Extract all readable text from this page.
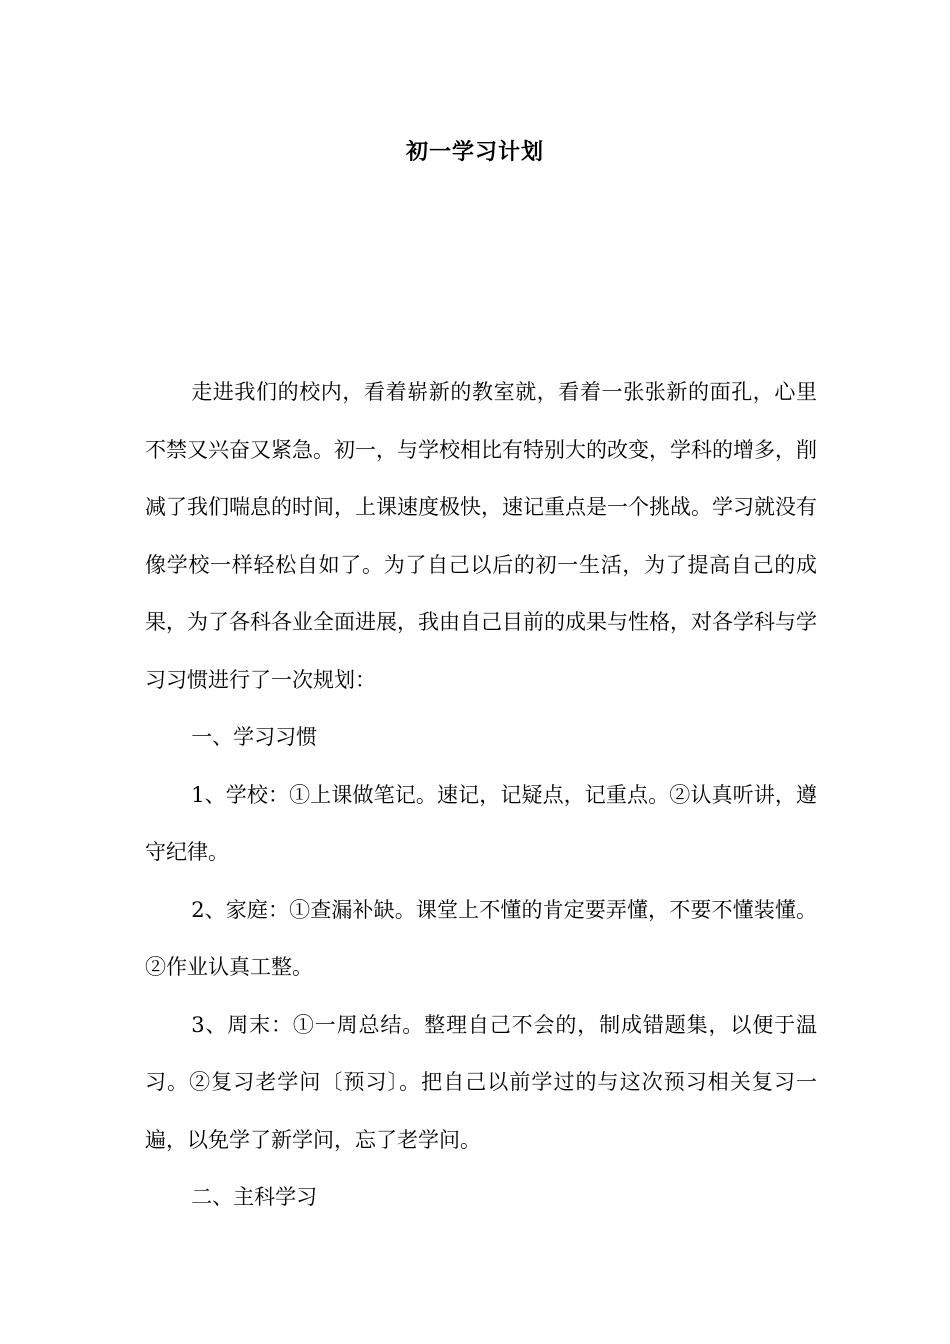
初一学习计划

走进我们的校内，看着崭新的教室就，看着一张张新的面孔，心里不禁又兴奋又紧急。初一，与学校相比有特别大的改变，学科的增多，削减了我们喘息的时间，上课速度极快，速记重点是一个挑战。学习就没有像学校一样轻松自如了。为了自己以后的初一生活，为了提高自己的成果，为了各科各业全面进展，我由自己目前的成果与性格，对各学科与学习习惯进行了一次规划：

一、学习习惯

1、学校：①上课做笔记。速记，记疑点，记重点。②认真听讲，遵守纪律。

2、家庭：①查漏补缺。课堂上不懂的肯定要弄懂，不要不懂装懂。②作业认真工整。

3、周末：①一周总结。整理自己不会的，制成错题集，以便于温习。②复习老学问〔预习〕。把自己以前学过的与这次预习相关复习一遍，以免学了新学问，忘了老学问。

二、主科学习
